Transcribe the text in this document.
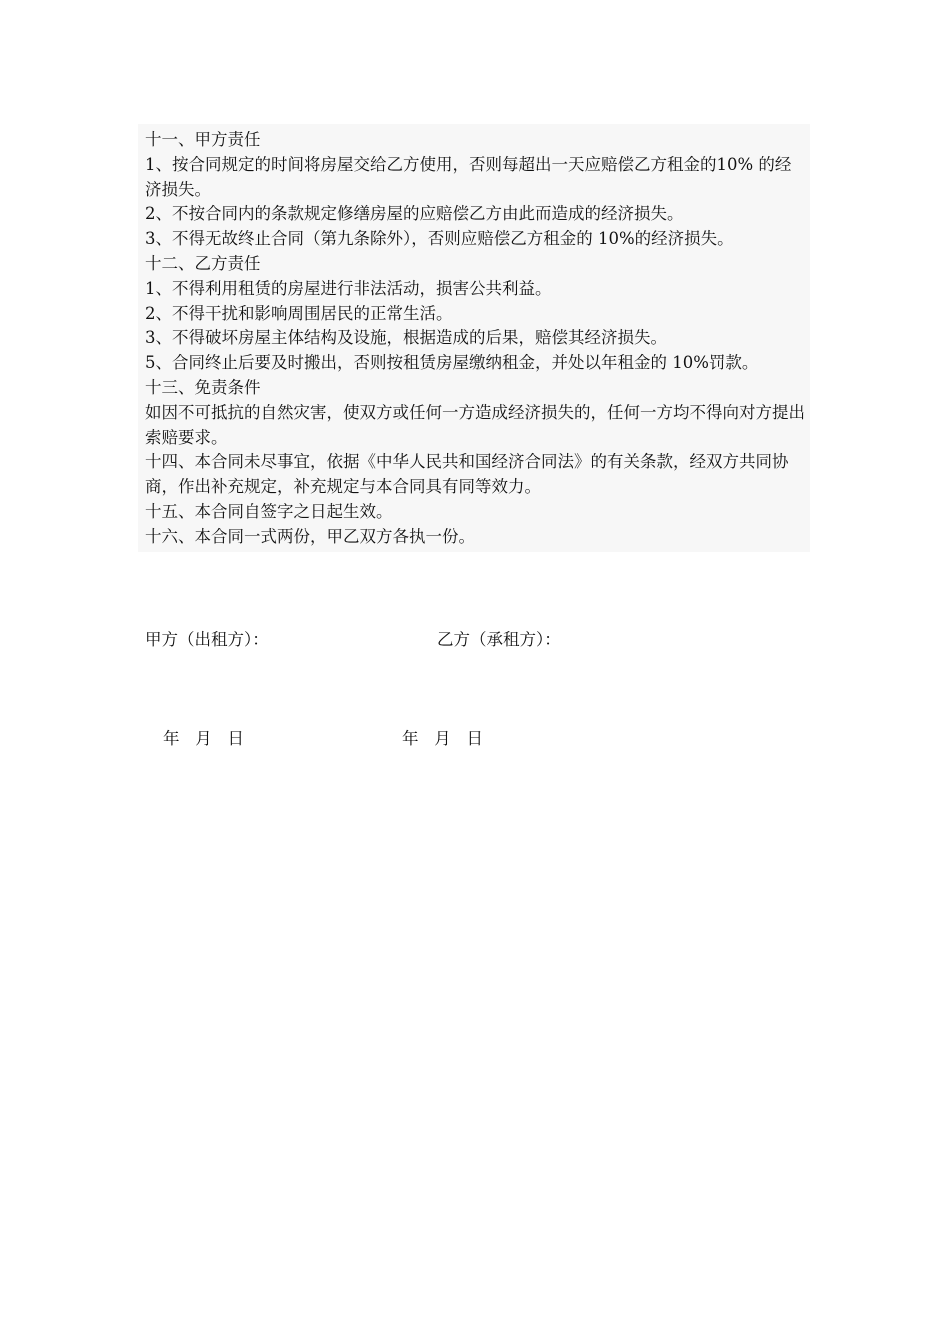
十一、甲方责任
1、按合同规定的时间将房屋交给乙方使用，否则每超出一天应赔偿乙方租金的10% 的经济损失。
2、不按合同内的条款规定修缮房屋的应赔偿乙方由此而造成的经济损失。
3、不得无故终止合同（第九条除外），否则应赔偿乙方租金的 10%的经济损失。
十二、乙方责任
1、不得利用租赁的房屋进行非法活动，损害公共利益。
2、不得干扰和影响周围居民的正常生活。
3、不得破坏房屋主体结构及设施，根据造成的后果，赔偿其经济损失。
5、合同终止后要及时搬出，否则按租赁房屋缴纳租金，并处以年租金的 10%罚款。
十三、免责条件
如因不可抵抗的自然灾害，使双方或任何一方造成经济损失的，任何一方均不得向对方提出索赔要求。
十四、本合同未尽事宜，依据《中华人民共和国经济合同法》的有关条款，经双方共同协商，作出补充规定，补充规定与本合同具有同等效力。
十五、本合同自签字之日起生效。
十六、本合同一式两份，甲乙双方各执一份。
甲方（出租方）：	乙方（承租方）：
年   月   日	年   月   日
